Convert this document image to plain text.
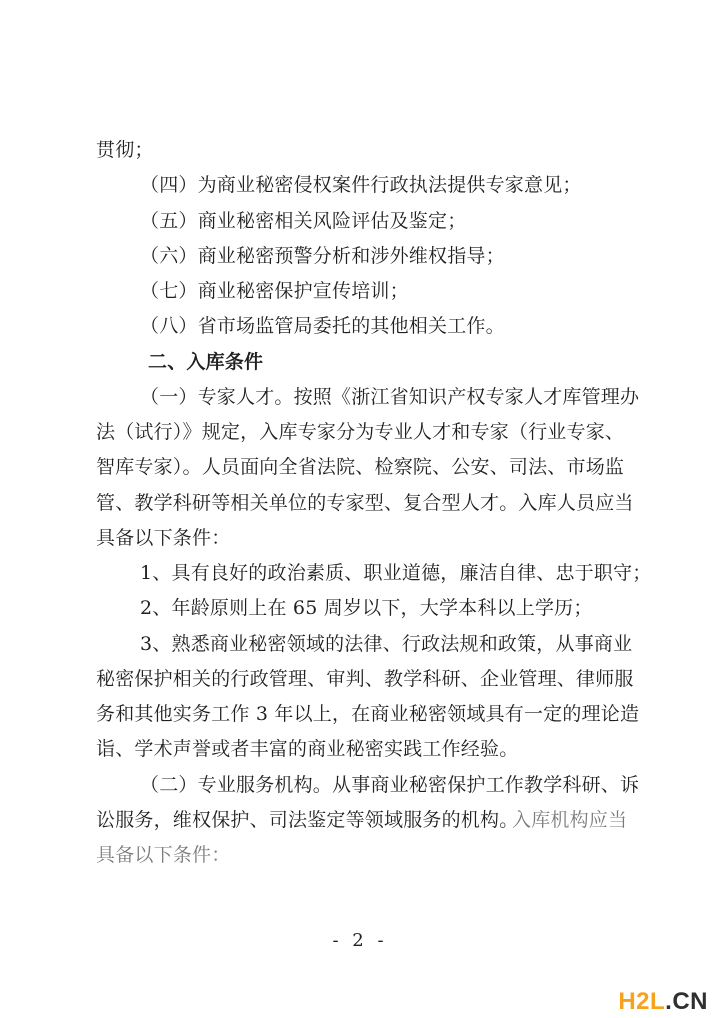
贯彻；
（四）为商业秘密侵权案件行政执法提供专家意见；
（五）商业秘密相关风险评估及鉴定；
（六）商业秘密预警分析和涉外维权指导；
（七）商业秘密保护宣传培训；
（八）省市场监管局委托的其他相关工作。
二、入库条件
（一）专家人才。按照《浙江省知识产权专家人才库管理办
法（试行）》规定，入库专家分为专业人才和专家（行业专家、
智库专家）。人员面向全省法院、检察院、公安、司法、市场监
管、教学科研等相关单位的专家型、复合型人才。入库人员应当
具备以下条件：
1、具有良好的政治素质、职业道德，廉洁自律、忠于职守；
2、年龄原则上在 65 周岁以下，大学本科以上学历；
3、熟悉商业秘密领域的法律、行政法规和政策，从事商业
秘密保护相关的行政管理、审判、教学科研、企业管理、律师服
务和其他实务工作 3 年以上，在商业秘密领域具有一定的理论造
诣、学术声誉或者丰富的商业秘密实践工作经验。
（二）专业服务机构。从事商业秘密保护工作教学科研、诉
讼服务，维权保护、司法鉴定等领域服务的机构。
入库机构应当
具备以下条件：
- 2 -
H2L.CN
